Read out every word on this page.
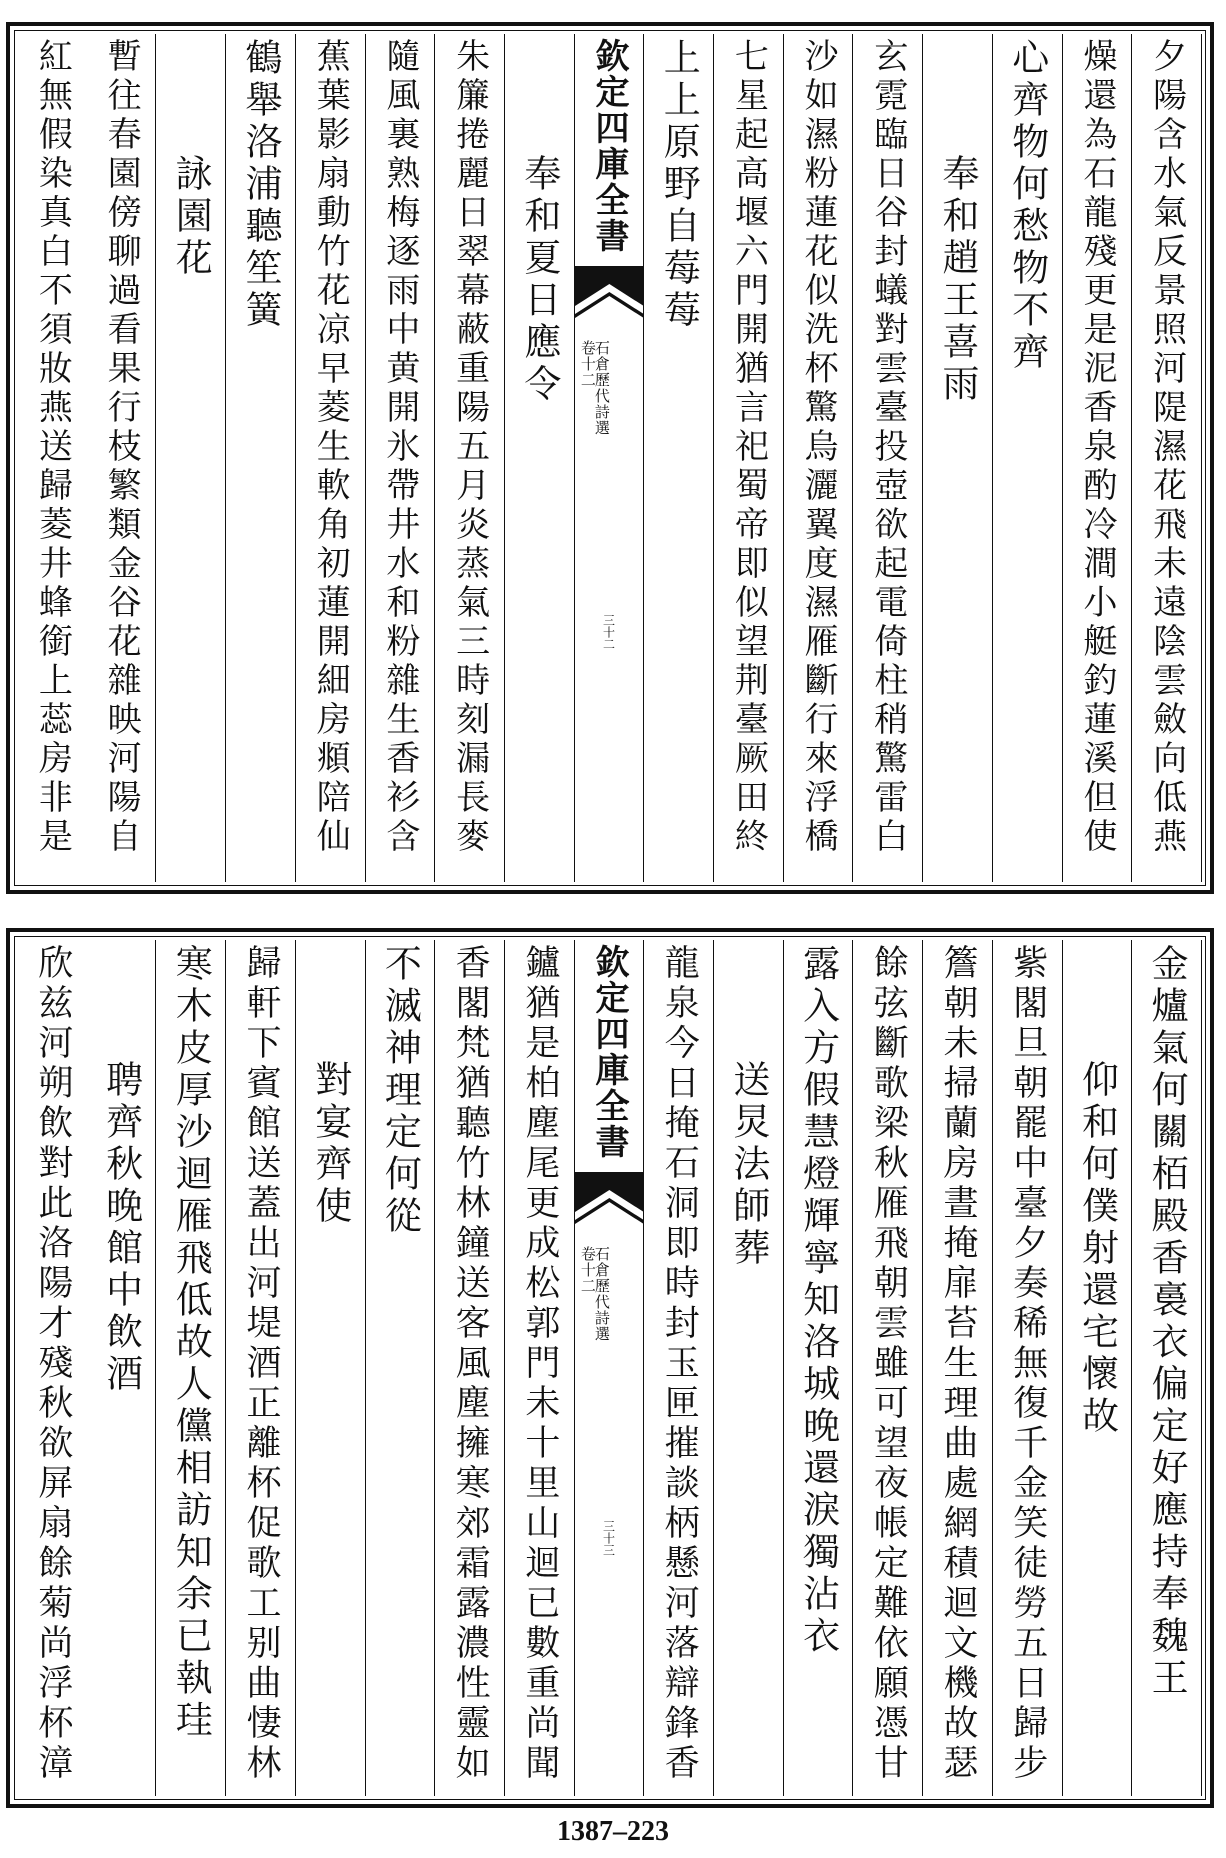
夕陽含水氣反景照河隄濕花飛未遠陰雲斂向低燕
燥還為石龍殘更是泥香泉酌冷澗小艇釣蓮溪但使
心齊物何愁物不齊
奉和趙王喜雨
玄霓臨日谷封蟻對雲臺投壺欲起電倚柱稍驚雷白
沙如濕粉蓮花似洗杯驚烏灑翼度濕雁斷行來浮橋
七星起高堰六門開猶言祀蜀帝即似望荆臺厥田終
上上原野自莓莓
欽定四庫全書
石倉歷代詩選
卷十二
三十二
奉和夏日應令
朱簾捲麗日翠幕蔽重陽五月炎蒸氣三時刻漏長麥
隨風裏熟梅逐雨中黄開氷帶井水和粉雜生香衫含
蕉葉影扇動竹花凉早菱生軟角初蓮開細房頫陪仙
鶴舉洛浦聽笙簧
詠園花
暫往春園傍聊過看果行枝繁類金谷花雜映河陽自
紅無假染真白不須妝燕送歸菱井蜂銜上蕊房非是
金爐氣何關栢殿香裛衣偏定好應持奉魏王
仰和何僕射還宅懷故
紫閣旦朝罷中臺夕奏稀無復千金笑徒勞五日歸步
簷朝未掃蘭房晝掩扉苔生理曲處網積迴文機故瑟
餘弦斷歌梁秋雁飛朝雲雖可望夜帳定難依願憑甘
露入方假慧燈輝寧知洛城晚還淚獨沾衣
送炅法師葬
龍泉今日掩石洞即時封玉匣摧談柄懸河落辯鋒香
欽定四庫全書
石倉歷代詩選
卷十二
三十三
鑪猶是柏塵尾更成松郭門未十里山迴已數重尚聞
香閣梵猶聽竹林鐘送客風塵擁寒郊霜露濃性靈如
不滅神理定何從
對宴齊使
歸軒下賓館送蓋出河堤酒正離杯促歌工别曲悽林
寒木皮厚沙迴雁飛低故人儻相訪知余已執珪
聘齊秋晚館中飲酒
欣兹河朔飲對此洛陽才殘秋欲屏扇餘菊尚浮杯漳
1387–223
